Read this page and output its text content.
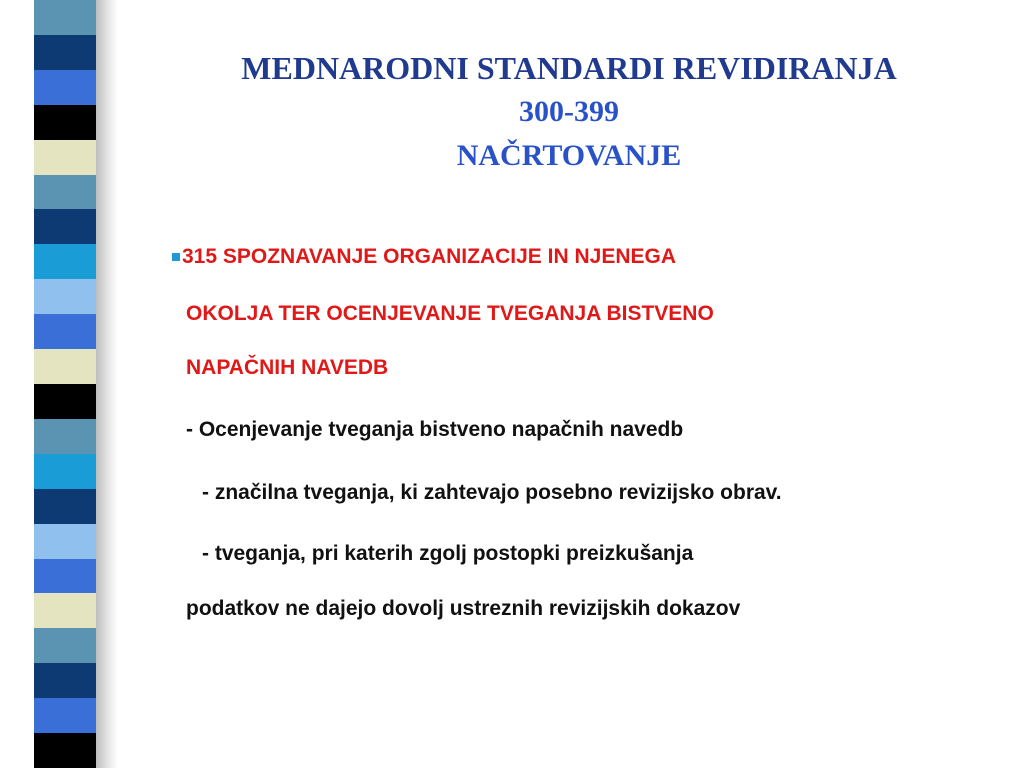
MEDNARODNI STANDARDI REVIDIRANJA
300-399
NAČRTOVANJE
315 SPOZNAVANJE ORGANIZACIJE IN NJENEGA
OKOLJA TER OCENJEVANJE TVEGANJA BISTVENO
NAPAČNIH NAVEDB
- Ocenjevanje tveganja bistveno napačnih navedb
- značilna tveganja, ki zahtevajo posebno revizijsko obrav.
- tveganja, pri katerih zgolj postopki preizkušanja
podatkov ne dajejo dovolj ustreznih revizijskih dokazov
